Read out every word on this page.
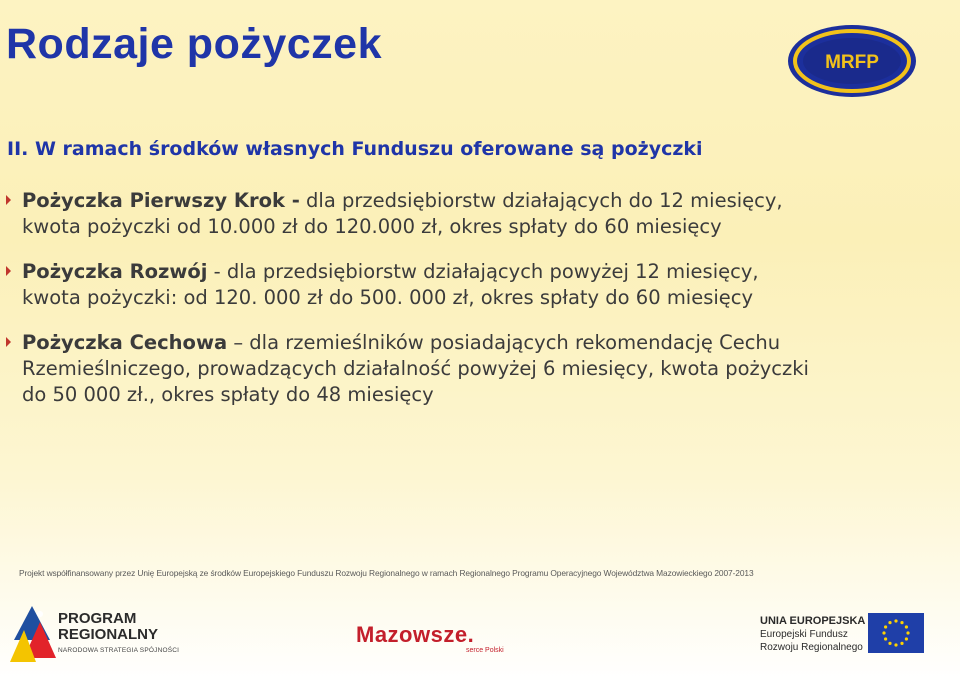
Rodzaje pożyczek	MRFP
II. W ramach środków własnych Funduszu oferowane są pożyczki
Pożyczka Pierwszy Krok - dla przedsiębiorstw działających do 12 miesięcy,
kwota pożyczki od 10.000 zł do 120.000 zł, okres spłaty do 60 miesięcy
Pożyczka Rozwój - dla przedsiębiorstw działających powyżej 12 miesięcy,
kwota pożyczki: od 120. 000 zł do 500. 000 zł, okres spłaty do 60 miesięcy
Pożyczka Cechowa – dla rzemieślników posiadających rekomendację Cechu
Rzemieślniczego, prowadzących działalność powyżej 6 miesięcy, kwota pożyczki
do 50 000 zł., okres spłaty do 48 miesięcy
Projekt współfinansowany przez Unię Europejską ze środków Europejskiego Funduszu Rozwoju Regionalnego w ramach Regionalnego Programu Operacyjnego Województwa Mazowieckiego 2007-2013
PROGRAM
REGIONALNY
NARODOWA STRATEGIA SPÓJNOŚCI
Mazowsze.
serce Polski
UNIA EUROPEJSKA
Europejski Fundusz
Rozwoju Regionalnego
